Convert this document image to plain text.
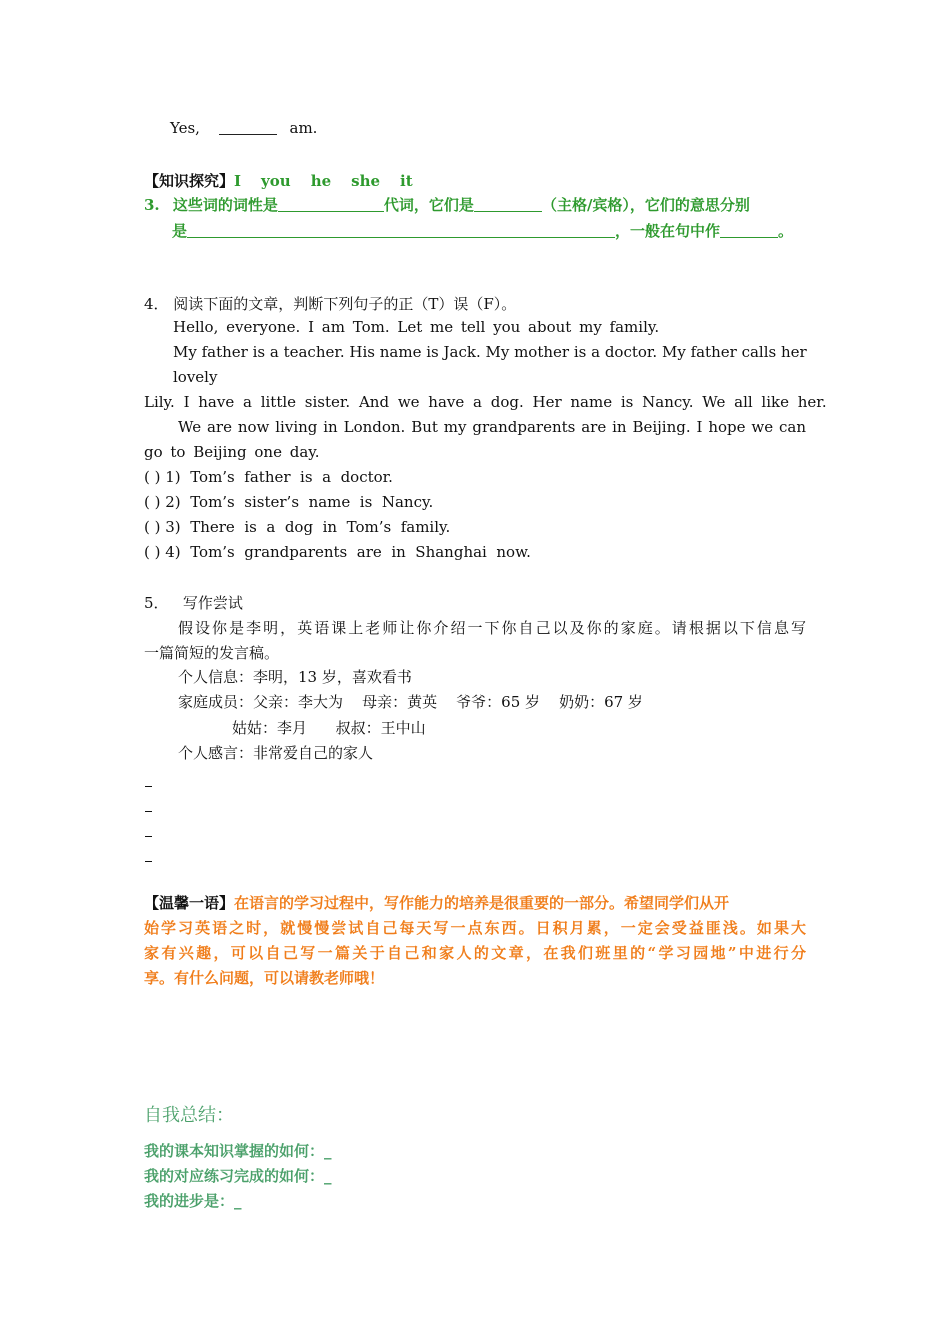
Yes,	am.
【知识探究】I you he she it
3. 这些词的词性是	代词，它们是	（主格/宾格），它们的意思分别
是	，一般在句中作	。
4． 阅读下面的文章，判断下列句子的正（T）误（F）。
Hello, everyone. I am Tom. Let me tell you about my family.
My father is a teacher. His name is Jack. My mother is a doctor. My father calls her
lovely
Lily. I have a little sister. And we have a dog. Her name is Nancy. We all like her.
We are now living in London. But my grandparents are in Beijing. I hope we can
go to Beijing one day.
( ) 1)  Tom’s  father  is  a  doctor.
( ) 2)  Tom’s  sister’s  name  is  Nancy.
( ) 3)  There  is  a  dog  in  Tom’s  family.
( ) 4)  Tom’s  grandparents  are  in  Shanghai  now.
5．   写作尝试
假设你是李明，英语课上老师让你介绍一下你自己以及你的家庭。请根据以下信息写
一篇简短的发言稿。
个人信息：李明，13 岁，喜欢看书
家庭成员：父亲：李大为    母亲：黄英    爷爷：65 岁    奶奶：67 岁
姑姑：李月      叔叔：王中山
个人感言：非常爱自己的家人
【温馨一语】在语言的学习过程中，写作能力的培养是很重要的一部分。希望同学们从开
始学习英语之时，就慢慢尝试自己每天写一点东西。日积月累，一定会受益匪浅。如果大
家有兴趣，可以自己写一篇关于自己和家人的文章，在我们班里的“学习园地”中进行分
享。有什么问题，可以请教老师哦！
自我总结：
我的课本知识掌握的如何：_
我的对应练习完成的如何：_
我的进步是：_
